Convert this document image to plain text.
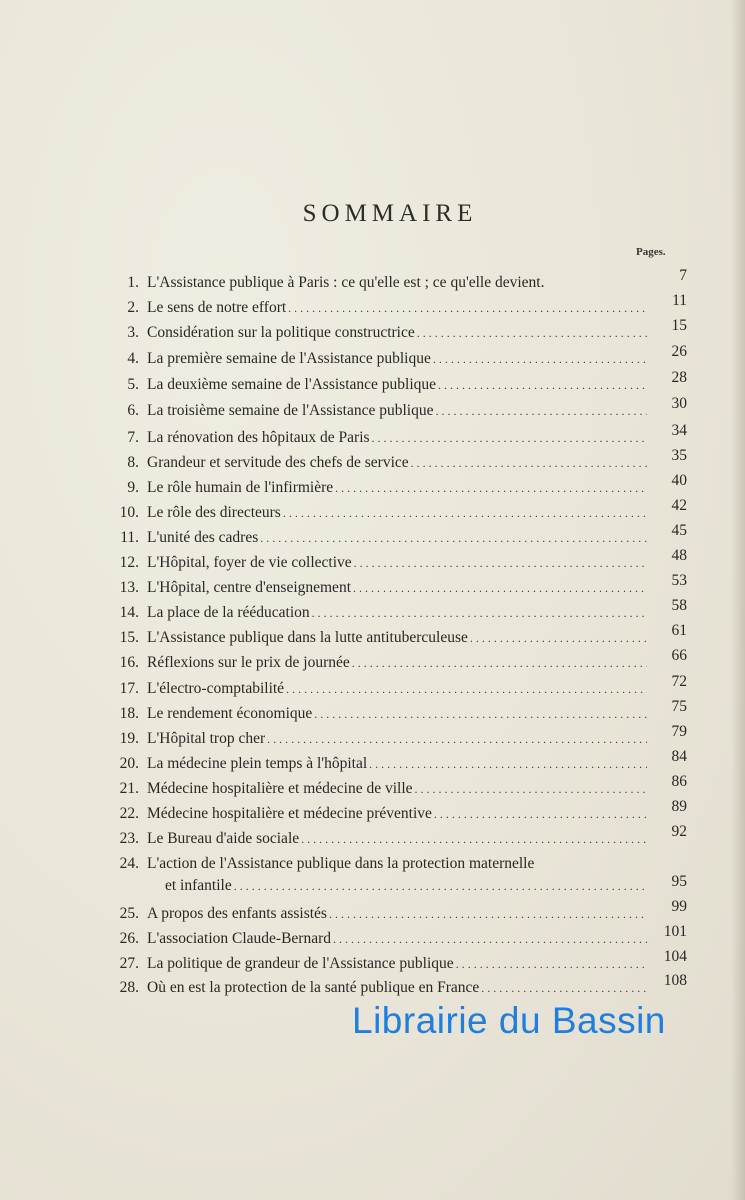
SOMMAIRE
Pages.
1. L'Assistance publique à Paris : ce qu'elle est ; ce qu'elle devient.	7
2. Le sens de notre effort . . .	11
3. Considération sur la politique constructrice . . .	15
4. La première semaine de l'Assistance publique . . .	26
5. La deuxième semaine de l'Assistance publique . . .	28
6. La troisième semaine de l'Assistance publique . . .	30
7. La rénovation des hôpitaux de Paris . . .	34
8. Grandeur et servitude des chefs de service . . .	35
9. Le rôle humain de l'infirmière . . .	40
10. Le rôle des directeurs . . .	42
11. L'unité des cadres . . .	45
12. L'Hôpital, foyer de vie collective . . .	48
13. L'Hôpital, centre d'enseignement . . .	53
14. La place de la rééducation . . .	58
15. L'Assistance publique dans la lutte antituberculeuse . . .	61
16. Réflexions sur le prix de journée . . .	66
17. L'électro-comptabilité . . .	72
18. Le rendement économique . . .	75
19. L'Hôpital trop cher . . .	79
20. La médecine plein temps à l'hôpital . . .	84
21. Médecine hospitalière et médecine de ville . . .	86
22. Médecine hospitalière et médecine préventive . . .	89
23. Le Bureau d'aide sociale . . .	92
24. L'action de l'Assistance publique dans la protection maternelle
et infantile . . .	95
25. A propos des enfants assistés . . .	99
26. L'association Claude-Bernard . . .	101
27. La politique de grandeur de l'Assistance publique . . .	104
28. Où en est la protection de la santé publique en France . . .	108
Librairie du Bassin
